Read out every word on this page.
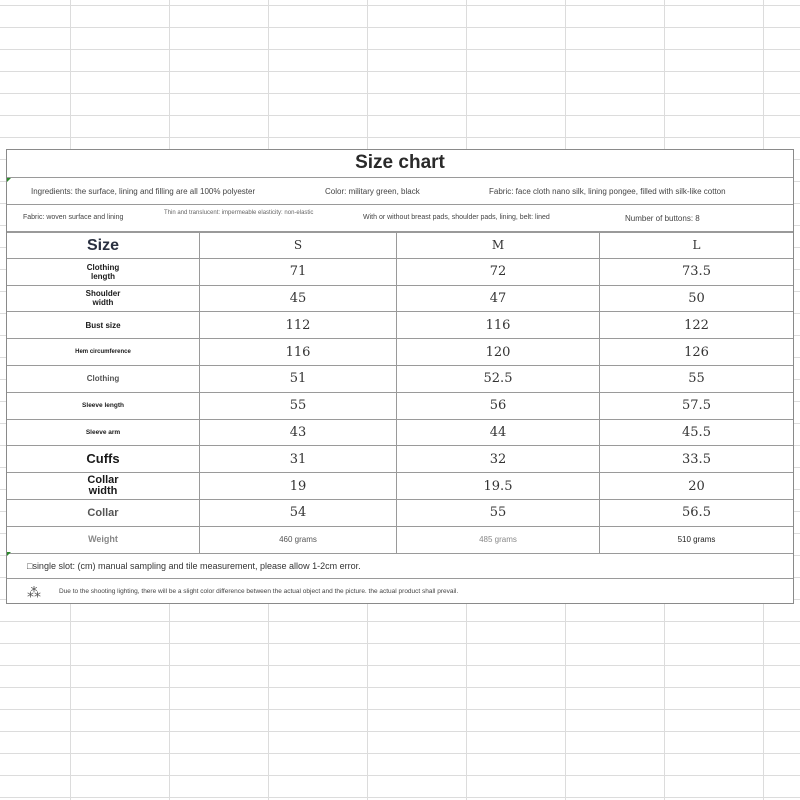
Size chart
Ingredients: the surface, lining and filling are all 100% polyester	Color: military green, black	Fabric: face cloth nano silk, lining pongee, filled with silk-like cotton
Fabric: woven surface and lining
Thin and translucent: impermeable elasticity: non-elastic
With or without breast pads, shoulder pads, lining, belt: lined	Number of buttons: 8
Size	S	M	L
Clothing length	71	72	73.5
Shoulder width	45	47	50
Bust size	112	116	122
Hem circumference	116	120	126
Clothing	51	52.5	55
Sleeve length	55	56	57.5
Sleeve arm	43	44	45.5
Cuffs	31	32	33.5
Collar width	19	19.5	20
Collar	54	55	56.5
Weight	460 grams	485 grams	510 grams
□single slot: (cm) manual sampling and tile measurement, please allow 1-2cm error.
⁂	Due to the shooting lighting, there will be a slight color difference between the actual object and the picture. the actual product shall prevail.
